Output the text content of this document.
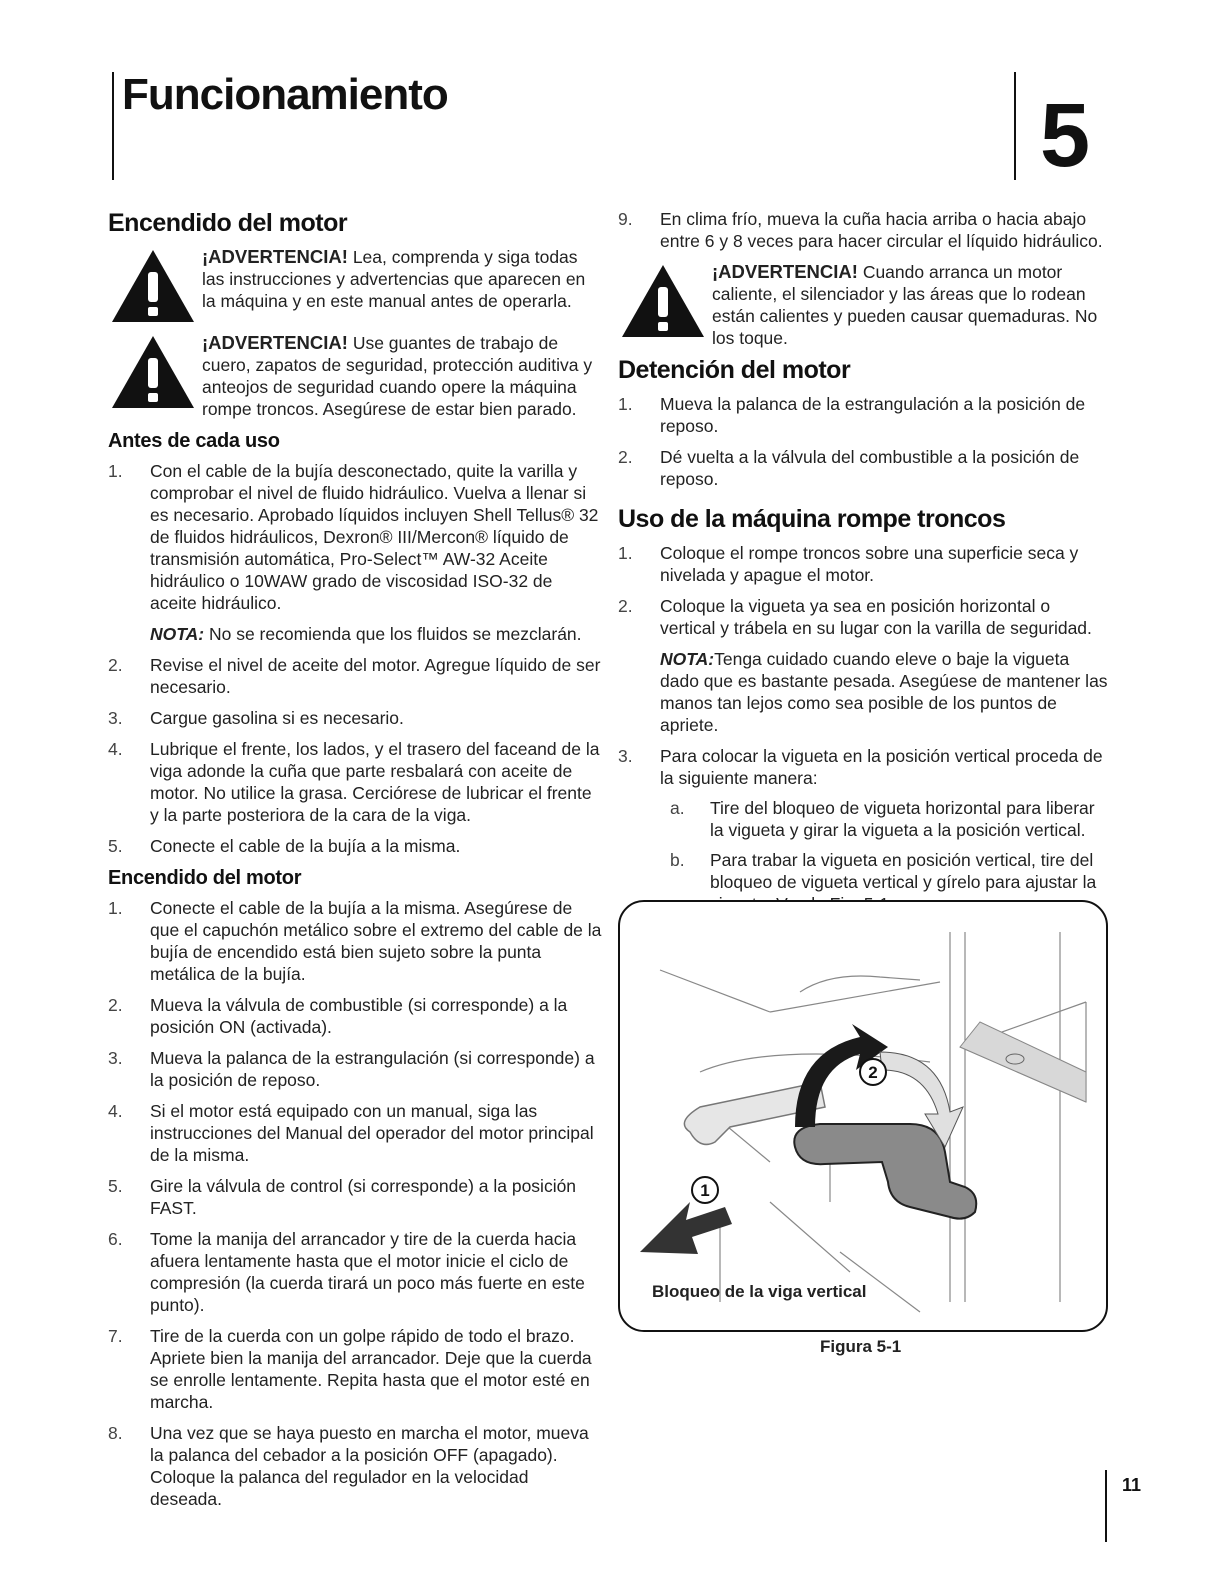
Funcionamiento	5
Encendido del motor
¡ADVERTENCIA! Lea, comprenda y siga todas las instrucciones y advertencias que aparecen en la máquina y en este manual antes de operarla.
¡ADVERTENCIA! Use guantes de trabajo de cuero, zapatos de seguridad, protección auditiva y anteojos de seguridad cuando opere la máquina rompe troncos. Asegúrese de estar bien parado.
Antes de cada uso
1.	Con el cable de la bujía desconectado, quite la varilla y comprobar el nivel de fluido hidráulico. Vuelva a llenar si es necesario. Aprobado líquidos incluyen Shell Tellus® 32 de fluidos hidráulicos, Dexron® III/Mercon® líquido de transmisión automática, Pro-Select™ AW-32 Aceite hidráulico o 10WAW grado de viscosidad ISO-32 de aceite hidráulico.
NOTA: No se recomienda que los fluidos se mezclarán.
2.	Revise el nivel de aceite del motor. Agregue líquido de ser necesario.
3.	Cargue gasolina si es necesario.
4.	Lubrique el frente, los lados, y el trasero del faceand de la viga adonde la cuña que parte resbalará con aceite de motor. No utilice la grasa. Cerciórese de lubricar el frente y la parte posteriora de la cara de la viga.
5.	Conecte el cable de la bujía a la misma.
Encendido del motor
1.	Conecte el cable de la bujía a la misma. Asegúrese de que el capuchón metálico sobre el extremo del cable de la bujía de encendido está bien sujeto sobre la punta metálica de la bujía.
2.	Mueva la válvula de combustible (si corresponde) a la posición ON (activada).
3.	Mueva la palanca de la estrangulación (si corresponde) a la posición de reposo.
4.	Si el motor está equipado con un manual, siga las instrucciones del Manual del operador del motor principal de la misma.
5.	Gire la válvula de control (si corresponde) a la posición FAST.
6.	Tome la manija del arrancador y tire de la cuerda hacia afuera lentamente hasta que el motor inicie el ciclo de compresión (la cuerda tirará un poco más fuerte en este punto).
7.	Tire de la cuerda con un golpe rápido de todo el brazo. Apriete bien la manija del arrancador. Deje que la cuerda se enrolle lentamente. Repita hasta que el motor esté en marcha.
8.	Una vez que se haya puesto en marcha el motor, mueva la palanca del cebador a la posición OFF (apagado). Coloque la palanca del regulador en la velocidad deseada.
9.	En clima frío, mueva la cuña hacia arriba o hacia abajo entre 6 y 8 veces para hacer circular el líquido hidráulico.
¡ADVERTENCIA! Cuando arranca un motor caliente, el silenciador y las áreas que lo rodean están calientes y pueden causar quemaduras. No los toque.
Detención del motor
1.	Mueva la palanca de la estrangulación a la posición de reposo.
2.	Dé vuelta a la válvula del combustible a la posición de reposo.
Uso de la máquina rompe troncos
1.	Coloque el rompe troncos sobre una superficie seca y nivelada y apague el motor.
2.	Coloque la vigueta ya sea en posición horizontal o vertical y trábela en su lugar con la varilla de seguridad.
NOTA:Tenga cuidado cuando eleve o baje la vigueta dado que es bastante pesada. Asegúese de mantener las manos tan lejos como sea posible de los puntos de apriete.
3.	Para colocar la vigueta en la posición vertical proceda de la siguiente manera:
a.	Tire del bloqueo de vigueta horizontal para liberar la vigueta y girar la vigueta a la posición vertical.
b.	Para trabar la vigueta en posición vertical, tire del bloqueo de vigueta vertical y gírelo para ajustar la
1
2
Bloqueo de la viga vertical
Figura 5-1
11
